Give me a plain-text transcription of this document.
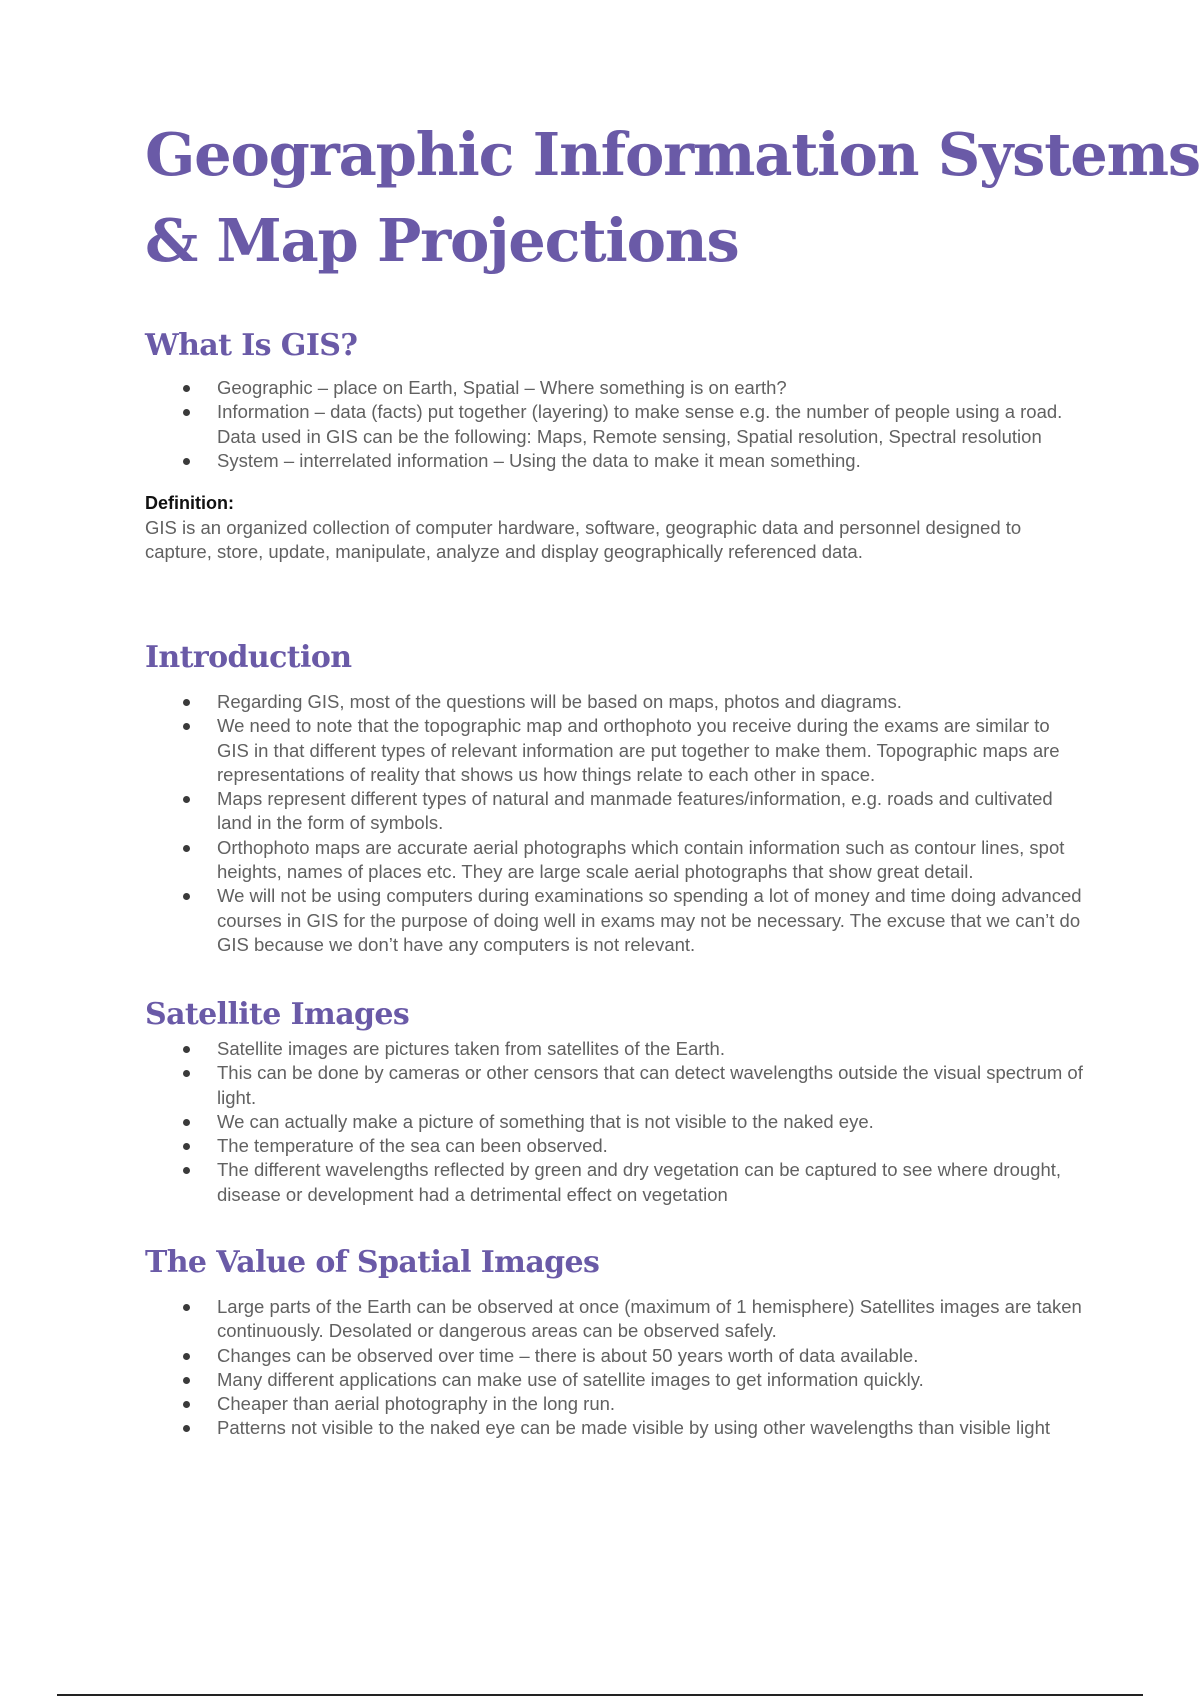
Geographic Information Systems
& Map Projections
What Is GIS?
Geographic – place on Earth, Spatial – Where something is on earth?
Information – data (facts) put together (layering) to make sense e.g. the number of people using a road. Data used in GIS can be the following: Maps, Remote sensing, Spatial resolution, Spectral resolution
System – interrelated information – Using the data to make it mean something.

Definition:

GIS is an organized collection of computer hardware, software, geographic data and personnel designed to capture, store, update, manipulate, analyze and display geographically referenced data.

Introduction
Regarding GIS, most of the questions will be based on maps, photos and diagrams.
We need to note that the topographic map and orthophoto you receive during the exams are similar to GIS in that different types of relevant information are put together to make them. Topographic maps are representations of reality that shows us how things relate to each other in space.
Maps represent different types of natural and manmade features/information, e.g. roads and cultivated land in the form of symbols.
Orthophoto maps are accurate aerial photographs which contain information such as contour lines, spot heights, names of places etc. They are large scale aerial photographs that show great detail.
We will not be using computers during examinations so spending a lot of money and time doing advanced courses in GIS for the purpose of doing well in exams may not be necessary. The excuse that we can’t do GIS because we don’t have any computers is not relevant.
Satellite Images
Satellite images are pictures taken from satellites of the Earth.
This can be done by cameras or other censors that can detect wavelengths outside the visual spectrum of light.
We can actually make a picture of something that is not visible to the naked eye.
The temperature of the sea can been observed.
The different wavelengths reflected by green and dry vegetation can be captured to see where drought, disease or development had a detrimental effect on vegetation
The Value of Spatial Images
Large parts of the Earth can be observed at once (maximum of 1 hemisphere) Satellites images are taken continuously. Desolated or dangerous areas can be observed safely.
Changes can be observed over time – there is about 50 years worth of data available.
Many different applications can make use of satellite images to get information quickly.
Cheaper than aerial photography in the long run.
Patterns not visible to the naked eye can be made visible by using other wavelengths than visible light
